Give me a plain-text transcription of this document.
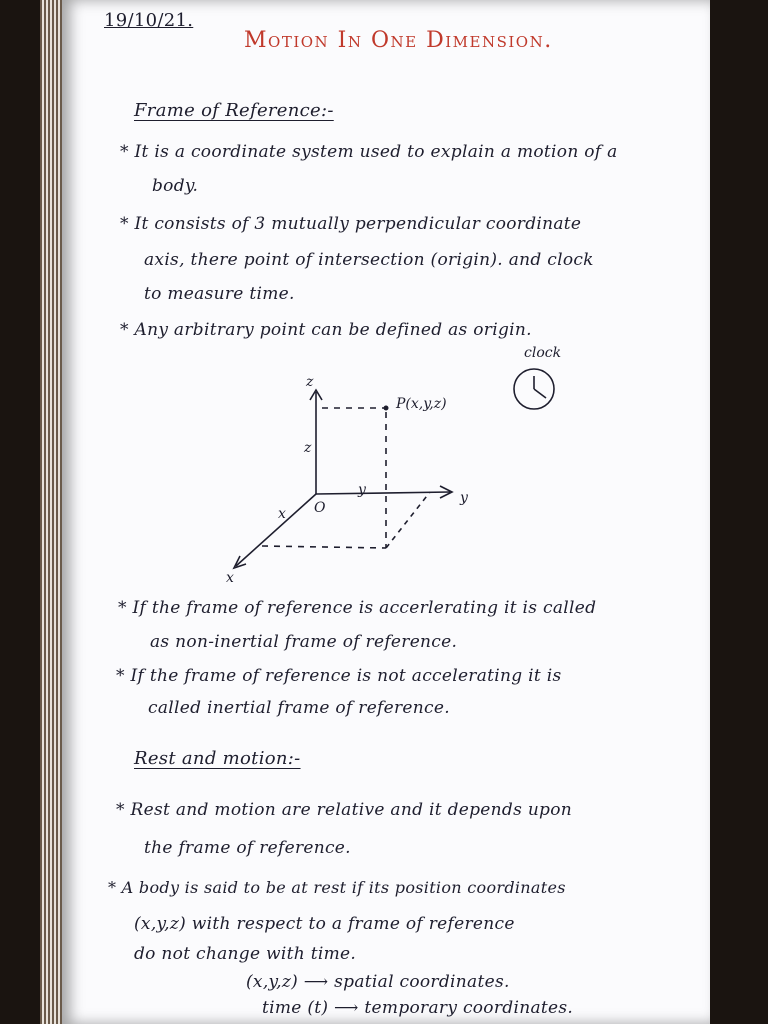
19/10/21.
Motion In One Dimension.
Frame of Reference:-
* It is a coordinate system used to explain a motion of a
body.
* It consists of 3 mutually perpendicular coordinate
axis, there point of intersection (origin). and clock
to measure time.
* Any arbitrary point can be defined as origin.
clock
z
y
x
O
P(x,y,z)
z
y
x
* If the frame of reference is accerlerating it is called
as non-inertial frame of reference.
* If the frame of reference is not accelerating it is
called inertial frame of reference.
Rest and motion:-
* Rest and motion are relative and it depends upon
the frame of reference.
* A body is said to be at rest if its position coordinates
(x,y,z) with respect to a frame of reference
do not change with time.
(x,y,z) ⟶ spatial coordinates.
time (t) ⟶ temporary coordinates.
